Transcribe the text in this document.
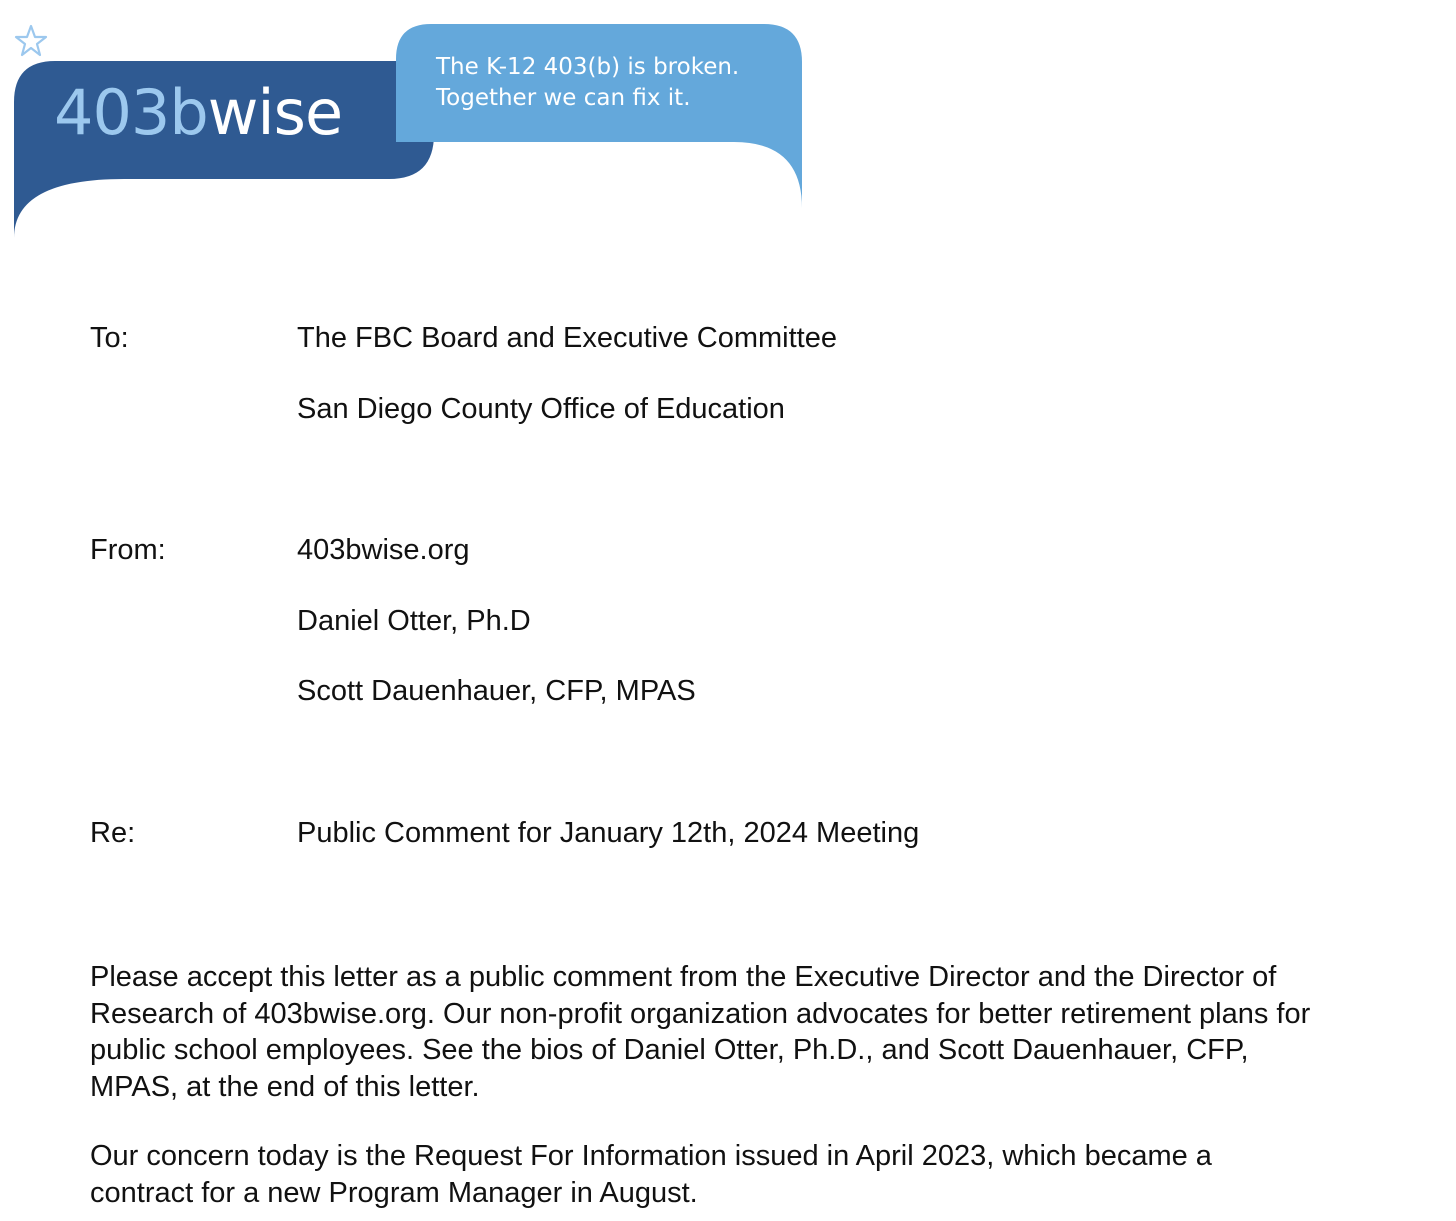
403bwise
The K-12 403(b) is broken.
Together we can fix it.
To:	The FBC Board and Executive Committee
San Diego County Office of Education
From:	403bwise.org
Daniel Otter, Ph.D
Scott Dauenhauer, CFP, MPAS
Re:	Public Comment for January 12th, 2024 Meeting
Please accept this letter as a public comment from the Executive Director and the Director of
Research of 403bwise.org. Our non-profit organization advocates for better retirement plans for
public school employees. See the bios of Daniel Otter, Ph.D., and Scott Dauenhauer, CFP,
MPAS, at the end of this letter.
Our concern today is the Request For Information issued in April 2023, which became a
contract for a new Program Manager in August.
